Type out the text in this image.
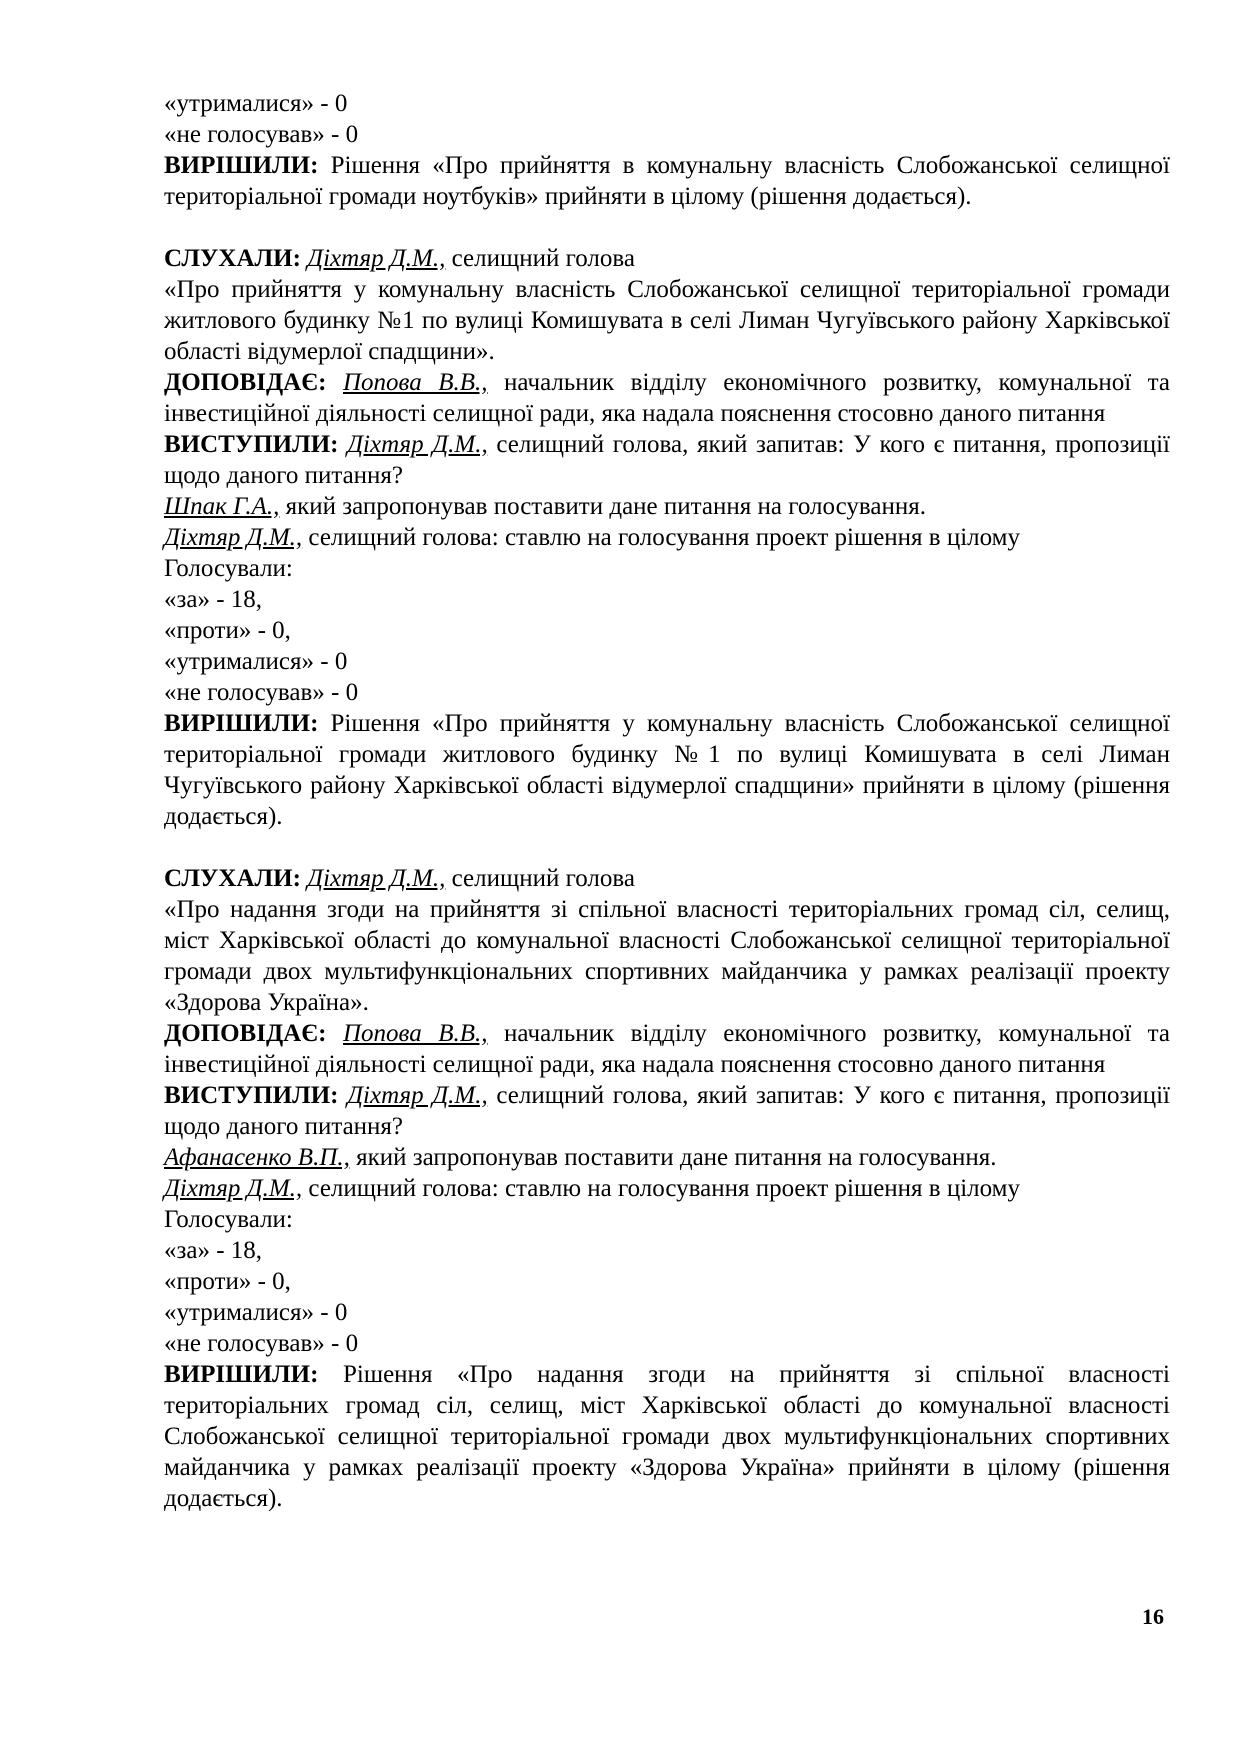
«утрималися» - 0

«не голосував» - 0

ВИРІШИЛИ: Рішення «Про прийняття в комунальну власність Слобожанської селищної територіальної громади ноутбуків» прийняти в цілому (рішення додається).

СЛУХАЛИ: Діхтяр Д.М., селищний голова

«Про прийняття у комунальну власність Слобожанської селищної територіальної громади житлового будинку №1 по вулиці Комишувата в селі Лиман Чугуївського району Харківської області відумерлої спадщини».

ДОПОВІДАЄ: Попова В.В., начальник відділу економічного розвитку, комунальної та інвестиційної діяльності селищної ради, яка надала пояснення стосовно даного питання

ВИСТУПИЛИ: Діхтяр Д.М., селищний голова, який запитав: У кого є питання, пропозиції щодо даного питання?

Шпак Г.А., який запропонував поставити дане питання на голосування.

Діхтяр Д.М., селищний голова: ставлю на голосування проект рішення в цілому

Голосували:

«за» - 18,

«проти» - 0,

«утрималися» - 0

«не голосував» - 0

ВИРІШИЛИ: Рішення «Про прийняття у комунальну власність Слобожанської селищної територіальної громади житлового будинку №1 по вулиці Комишувата в селі Лиман Чугуївського району Харківської області відумерлої спадщини» прийняти в цілому (рішення додається).

СЛУХАЛИ: Діхтяр Д.М., селищний голова

«Про надання згоди на прийняття зі спільної власності територіальних громад сіл, селищ, міст Харківської області до комунальної власності Слобожанської селищної територіальної громади двох мультифункціональних спортивних майданчика у рамках реалізації проекту «Здорова Україна».

ДОПОВІДАЄ: Попова В.В., начальник відділу економічного розвитку, комунальної та інвестиційної діяльності селищної ради, яка надала пояснення стосовно даного питання

ВИСТУПИЛИ: Діхтяр Д.М., селищний голова, який запитав: У кого є питання, пропозиції щодо даного питання?

Афанасенко В.П., який запропонував поставити дане питання на голосування.

Діхтяр Д.М., селищний голова: ставлю на голосування проект рішення в цілому

Голосували:

«за» - 18,

«проти» - 0,

«утрималися» - 0

«не голосував» - 0

ВИРІШИЛИ: Рішення «Про надання згоди на прийняття зі спільної власності територіальних громад сіл, селищ, міст Харківської області до комунальної власності Слобожанської селищної територіальної громади двох мультифункціональних спортивних майданчика у рамках реалізації проекту «Здорова Україна» прийняти в цілому (рішення додається).

16
